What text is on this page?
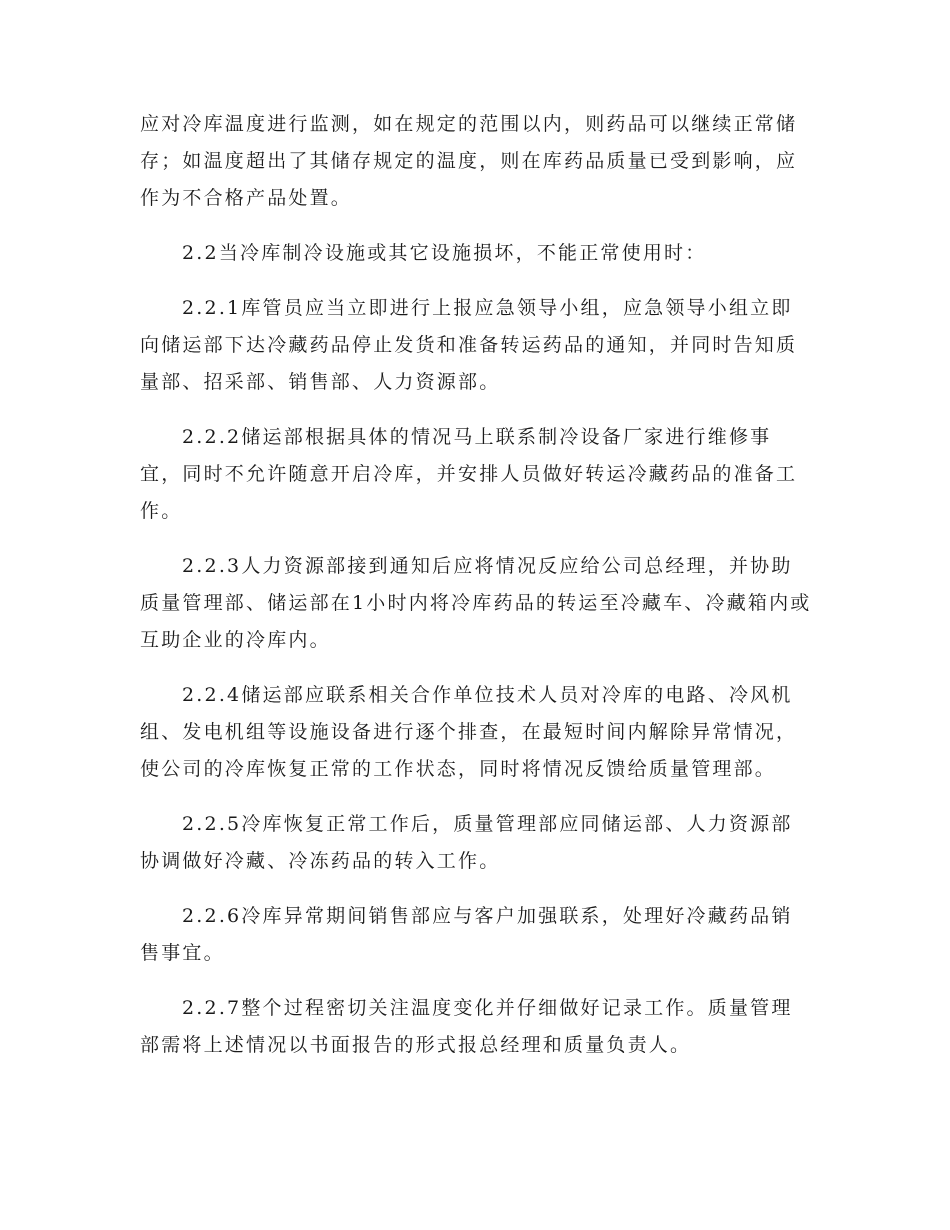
应对冷库温度进行监测，如在规定的范围以内，则药品可以继续正常储存；如温度超出了其储存规定的温度，则在库药品质量已受到影响，应作为不合格产品处置。

2.2当冷库制冷设施或其它设施损坏，不能正常使用时：

2.2.1库管员应当立即进行上报应急领导小组，应急领导小组立即向储运部下达冷藏药品停止发货和准备转运药品的通知，并同时告知质量部、招采部、销售部、人力资源部。

2.2.2储运部根据具体的情况马上联系制冷设备厂家进行维修事宜，同时不允许随意开启冷库，并安排人员做好转运冷藏药品的准备工作。

2.2.3人力资源部接到通知后应将情况反应给公司总经理，并协助质量管理部、储运部在1小时内将冷库药品的转运至冷藏车、冷藏箱内或互助企业的冷库内。

2.2.4储运部应联系相关合作单位技术人员对冷库的电路、冷风机组、发电机组等设施设备进行逐个排查，在最短时间内解除异常情况，使公司的冷库恢复正常的工作状态，同时将情况反馈给质量管理部。

2.2.5冷库恢复正常工作后，质量管理部应同储运部、人力资源部协调做好冷藏、冷冻药品的转入工作。

2.2.6冷库异常期间销售部应与客户加强联系，处理好冷藏药品销售事宜。

2.2.7整个过程密切关注温度变化并仔细做好记录工作。质量管理部需将上述情况以书面报告的形式报总经理和质量负责人。
